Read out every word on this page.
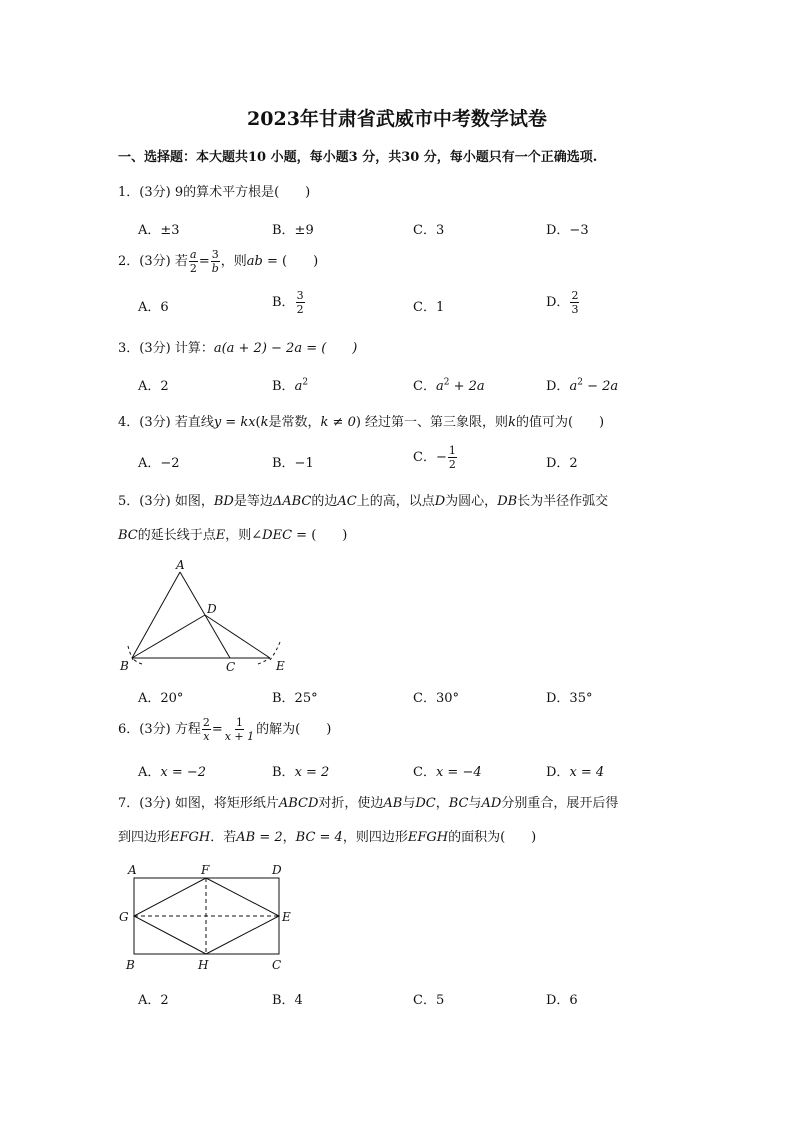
2023年甘肃省武威市中考数学试卷
一、选择题：本大题共10 小题，每小题3 分，共30 分，每小题只有一个正确选项.
1．(3分) 9的算术平方根是(　　)
A．±3	B．±9	C．3	D．−3
2．(3分) 若 $\frac{a}{2} = \frac{3}{b}$ ，则ab = (　　)
A．6	B． $\frac{3}{2}$	C．1	D． $\frac{2}{3}$
3．(3分) 计算：a(a + 2) − 2a = (　　)
A．2	B．$a^2$	C．$a^2 + 2a$	D．$a^2 - 2a$
4．(3分) 若直线y = kx(k是常数，k ≠ 0) 经过第一、第三象限，则k的值可为(　　)
A．−2	B．−1	C．− $\frac{1}{2}$	D．2
5．(3分) 如图，BD是等边ΔABC的边AC上的高，以点D为圆心，DB长为半径作弧交
BC的延长线于点E，则∠DEC = (　　)
A
D
B	C	E
A．20°	B．25°	C．30°	D．35°
6．(3分) 方程 $\frac{2}{x} = \frac{1}{x + 1}$ 的解为(　　)
A．x = −2	B．x = 2	C．x = −4	D．x = 4
7．(3分) 如图，将矩形纸片ABCD对折，使边AB与DC，BC与AD分别重合，展开后得
到四边形EFGH．若AB = 2，BC = 4，则四边形EFGH的面积为(　　)
A	F	D
G	E
B	H	C
A．2	B．4	C．5	D．6
